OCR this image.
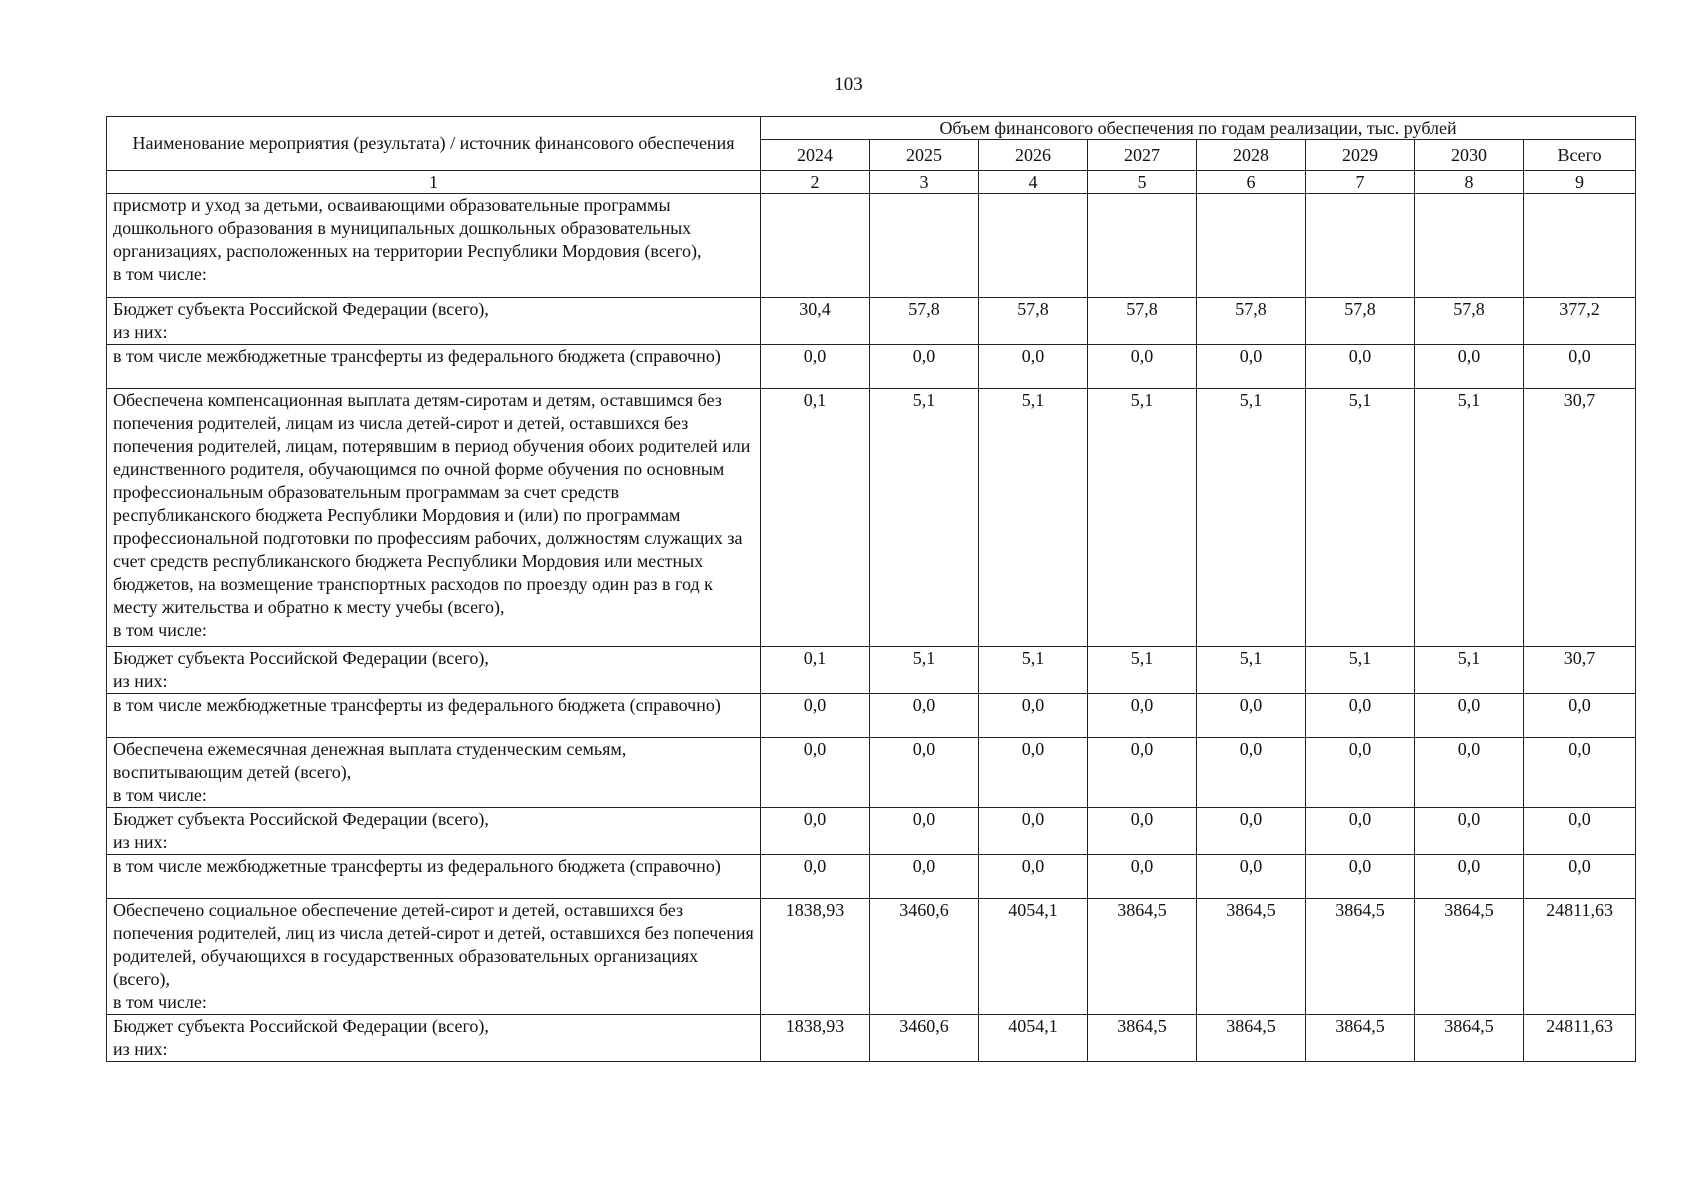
103
Наименование мероприятия (результата) / источник финансового обеспечения	Объем финансового обеспечения по годам реализации, тыс. рублей							
	2024	2025	2026	2027	2028	2029	2030	Всего
1	2	3	4	5	6	7	8	9
присмотр и уход за детьми, осваивающими образовательные программы дошкольного образования в муниципальных дошкольных образовательных организациях, расположенных на территории Республики Мордовия (всего),
в том числе:								
Бюджет субъекта Российской Федерации (всего),
из них:	30,4	57,8	57,8	57,8	57,8	57,8	57,8	377,2
в том числе межбюджетные трансферты из федерального бюджета (справочно)	0,0	0,0	0,0	0,0	0,0	0,0	0,0	0,0
Обеспечена компенсационная выплата детям-сиротам и детям, оставшимся без попечения родителей, лицам из числа детей-сирот и детей, оставшихся без попечения родителей, лицам, потерявшим в период обучения обоих родителей или единственного родителя, обучающимся по очной форме обучения по основным профессиональным образовательным программам за счет средств республиканского бюджета Республики Мордовия и (или) по программам профессиональной подготовки по профессиям рабочих, должностям служащих за счет средств республиканского бюджета Республики Мордовия или местных бюджетов, на возмещение транспортных расходов по проезду один раз в год к месту жительства и обратно к месту учебы (всего),
в том числе:	0,1	5,1	5,1	5,1	5,1	5,1	5,1	30,7
Бюджет субъекта Российской Федерации (всего),
из них:	0,1	5,1	5,1	5,1	5,1	5,1	5,1	30,7
в том числе межбюджетные трансферты из федерального бюджета (справочно)	0,0	0,0	0,0	0,0	0,0	0,0	0,0	0,0
Обеспечена ежемесячная денежная выплата студенческим семьям, воспитывающим детей (всего),
в том числе:	0,0	0,0	0,0	0,0	0,0	0,0	0,0	0,0
Бюджет субъекта Российской Федерации (всего),
из них:	0,0	0,0	0,0	0,0	0,0	0,0	0,0	0,0
в том числе межбюджетные трансферты из федерального бюджета (справочно)	0,0	0,0	0,0	0,0	0,0	0,0	0,0	0,0
Обеспечено социальное обеспечение детей-сирот и детей, оставшихся без попечения родителей, лиц из числа детей-сирот и детей, оставшихся без попечения родителей, обучающихся в государственных образовательных организациях (всего),
в том числе:	1838,93	3460,6	4054,1	3864,5	3864,5	3864,5	3864,5	24811,63
Бюджет субъекта Российской Федерации (всего),
из них:	1838,93	3460,6	4054,1	3864,5	3864,5	3864,5	3864,5	24811,63
